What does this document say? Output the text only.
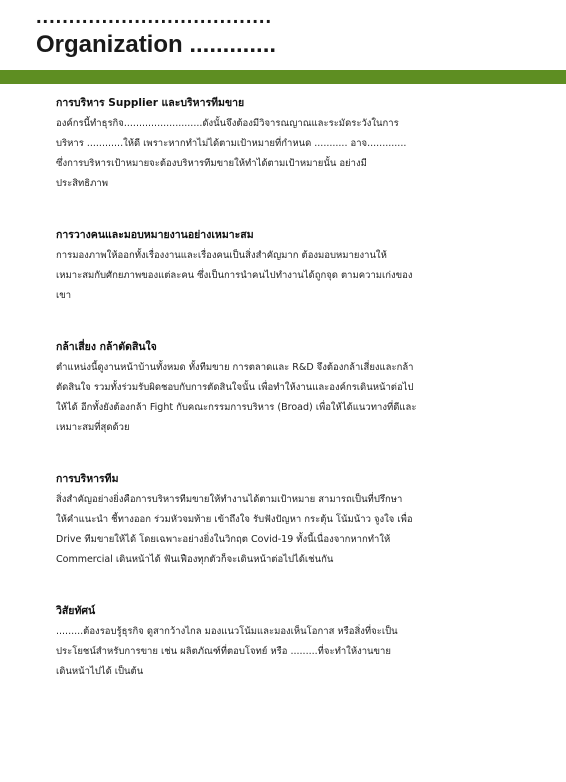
....................................
Organization .............
การบริหาร Supplier และบริหารทีมขาย
องค์กรนี้ทำธุรกิจ..........................ดังนั้นจึงต้องมีวิจารณญาณและระมัดระวังในการ
บริหาร ............ให้ดี เพราะหากทำไม่ได้ตามเป้าหมายที่กำหนด ........... อาจ.............
ซึ่งการบริหารเป้าหมายจะต้องบริหารทีมขายให้ทำได้ตามเป้าหมายนั้น อย่างมี
ประสิทธิภาพ
การวางคนและมอบหมายงานอย่างเหมาะสม
การมองภาพให้ออกทั้งเรื่องงานและเรื่องคนเป็นสิ่งสำคัญมาก ต้องมอบหมายงานให้
เหมาะสมกับศักยภาพของแต่ละคน ซึ่งเป็นการนำคนไปทำงานได้ถูกจุด ตามความเก่งของ
เขา
กล้าเสี่ยง กล้าตัดสินใจ
ตำแหน่งนี้ดูงานหน้าบ้านทั้งหมด ทั้งทีมขาย การตลาดและ R&D จึงต้องกล้าเสี่ยงและกล้า
ตัดสินใจ รวมทั้งร่วมรับผิดชอบกับการตัดสินใจนั้น เพื่อทำให้งานและองค์กรเดินหน้าต่อไป
ให้ได้ อีกทั้งยังต้องกล้า Fight กับคณะกรรมการบริหาร (Broad) เพื่อให้ได้แนวทางที่ดีและ
เหมาะสมที่สุดด้วย
การบริหารทีม
สิ่งสำคัญอย่างยิ่งคือการบริหารทีมขายให้ทำงานได้ตามเป้าหมาย สามารถเป็นที่ปรึกษา
ให้คำแนะนำ ชี้ทางออก ร่วมหัวจมท้าย เข้าถึงใจ รับฟังปัญหา กระตุ้น โน้มน้าว จูงใจ เพื่อ
Drive ทีมขายให้ได้ โดยเฉพาะอย่างยิ่งในวิกฤต Covid-19 ทั้งนี้เนื่องจากหากทำให้
Commercial เดินหน้าได้ ฟันเฟืองทุกตัวก็จะเดินหน้าต่อไปได้เช่นกัน
วิสัยทัศน์
.........ต้องรอบรู้ธุรกิจ ดูสากว้างไกล มองแนวโน้มและมองเห็นโอกาส หรือสิ่งที่จะเป็น
ประโยชน์สำหรับการขาย เช่น ผลิตภัณฑ์ที่ตอบโจทย์ หรือ .........ที่จะทำให้งานขาย
เดินหน้าไปได้ เป็นต้น
